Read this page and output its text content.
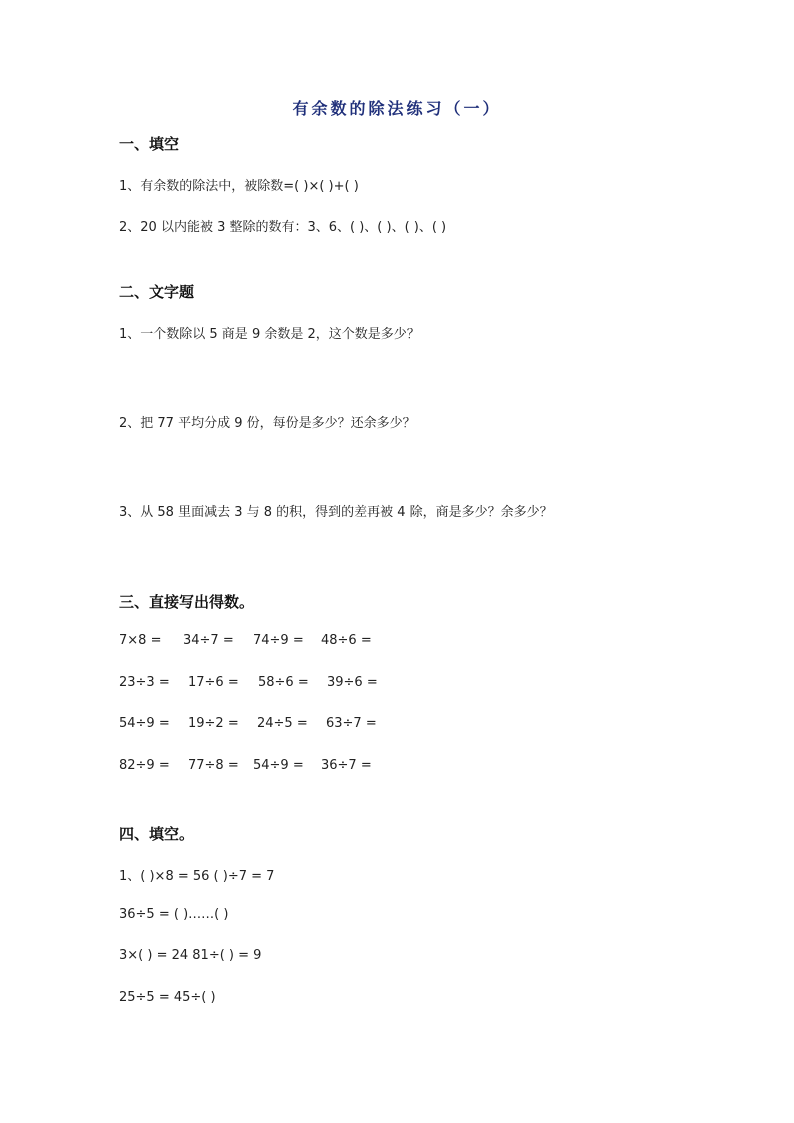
有余数的除法练习（一）
一、填空
1、有余数的除法中，被除数=( )×( )+( )
2、20 以内能被 3 整除的数有：3、6、( )、( )、( )、( )
二、文字题
1、一个数除以 5 商是 9 余数是 2，这个数是多少？
2、把 77 平均分成 9 份，每份是多少？还余多少？
3、从 58 里面减去 3 与 8 的积，得到的差再被 4 除，商是多少？余多少？
三、直接写出得数。
7×8 = 34÷7 = 74÷9 = 48÷6 =
23÷3 = 17÷6 = 58÷6 = 39÷6 =
54÷9 = 19÷2 = 24÷5 = 63÷7 =
82÷9 = 77÷8 = 54÷9 = 36÷7 =
四、填空。
1、( )×8 = 56 ( )÷7 = 7
36÷5 = ( )……( )
3×( ) = 24 81÷( ) = 9
25÷5 = 45÷( )
